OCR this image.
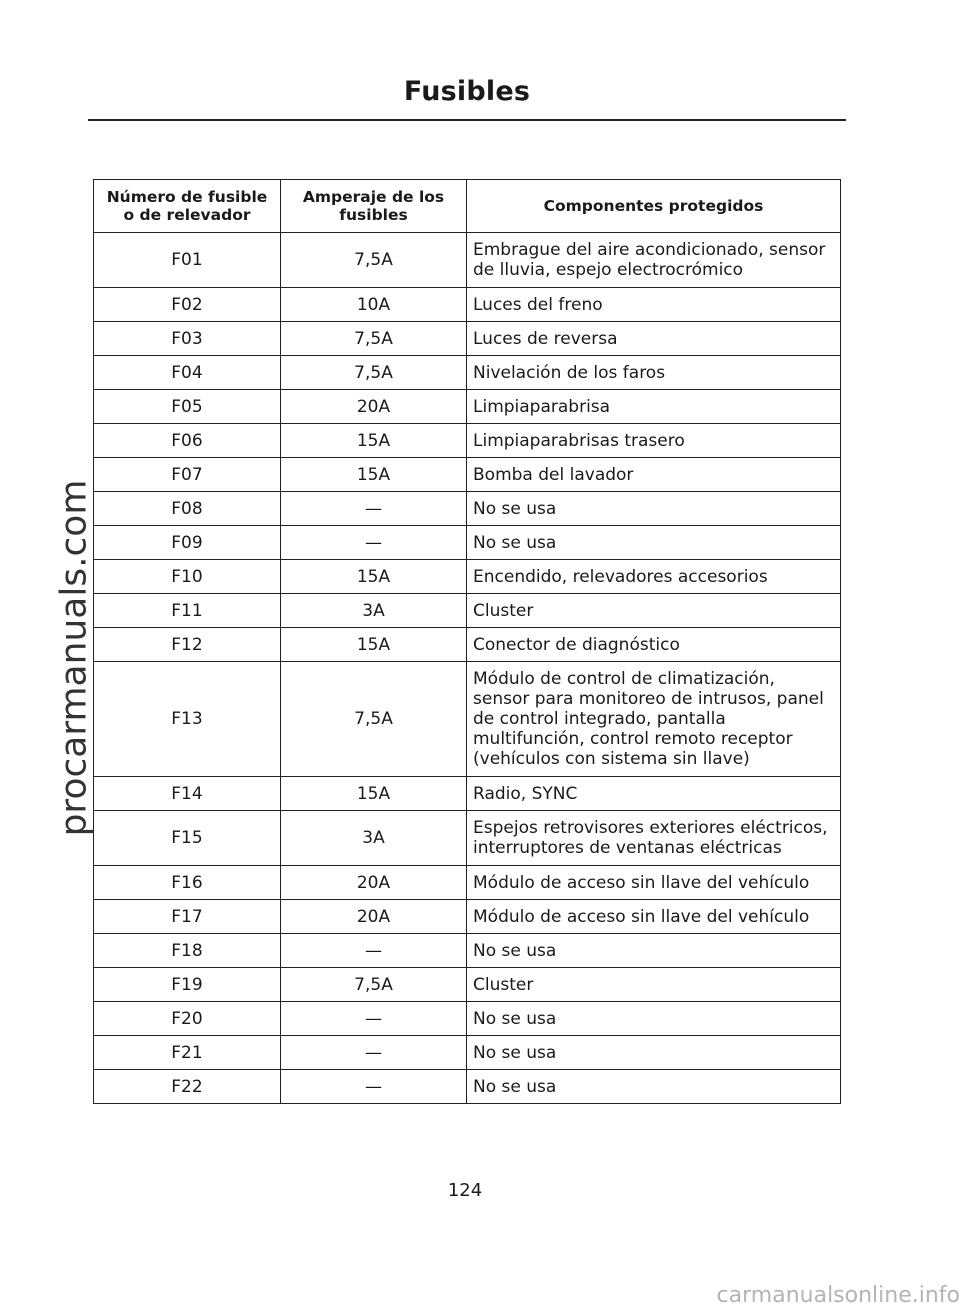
Fusibles
procarmanuals.com
Número de fusible o de relevador	Amperaje de los fusibles	Componentes protegidos
F01	7,5A	Embrague del aire acondicionado, sensor de lluvia, espejo electrocrómico
F02	10A	Luces del freno
F03	7,5A	Luces de reversa
F04	7,5A	Nivelación de los faros
F05	20A	Limpiaparabrisa
F06	15A	Limpiaparabrisas trasero
F07	15A	Bomba del lavador
F08	—	No se usa
F09	—	No se usa
F10	15A	Encendido, relevadores accesorios
F11	3A	Cluster
F12	15A	Conector de diagnóstico
F13	7,5A	Módulo de control de climatización, sensor para monitoreo de intrusos, panel de control integrado, pantalla multifunción, control remoto receptor (vehículos con sistema sin llave)
F14	15A	Radio, SYNC
F15	3A	Espejos retrovisores exteriores eléctricos, interruptores de ventanas eléctricas
F16	20A	Módulo de acceso sin llave del vehículo
F17	20A	Módulo de acceso sin llave del vehículo
F18	—	No se usa
F19	7,5A	Cluster
F20	—	No se usa
F21	—	No se usa
F22	—	No se usa
124
carmanualsonline.info
